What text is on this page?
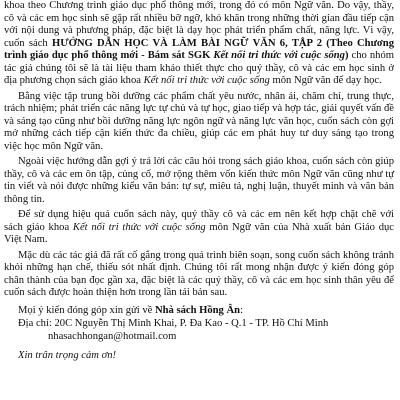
khoa theo Chương trình giáo dục phổ thông mới, trong đó có môn Ngữ văn. Do vậy, thầy, cô và các em học sinh sẽ gặp rất nhiều bỡ ngỡ, khó khăn trong những thời gian đầu tiếp cận với nội dung và phương pháp, đặc biệt là dạy học phát triển phẩm chất, năng lực. Vì vậy, cuốn sách HƯỚNG DẪN HỌC VÀ LÀM BÀI NGỮ VĂN 6, TẬP 2 (Theo Chương trình giáo dục phổ thông mới - Bám sát SGK Kết nối tri thức với cuộc sống) cho nhóm tác giả chúng tôi sẽ là tài liệu tham khảo thiết thực cho quý thầy, cô và các em học sinh ở địa phương chọn sách giáo khoa Kết nối tri thức với cuộc sống môn Ngữ văn để dạy học.

Bằng việc tập trung bồi dưỡng các phẩm chất yêu nước, nhân ái, chăm chỉ, trung thực, trách nhiệm; phát triển các năng lực tự chủ và tự học, giao tiếp và hợp tác, giải quyết vấn đề và sáng tạo cũng như bồi dưỡng năng lực ngôn ngữ và năng lực văn học, cuốn sách còn gợi mở những cách tiếp cận kiến thức đa chiều, giúp các em phát huy tư duy sáng tạo trong việc học môn Ngữ văn.

Ngoài việc hướng dẫn gợi ý trả lời các câu hỏi trong sách giáo khoa, cuốn sách còn giúp thầy, cô và các em ôn tập, củng cố, mở rộng thêm vốn kiến thức môn Ngữ văn cũng như tự tin viết và nói được những kiểu văn bản: tự sự, miêu tả, nghị luận, thuyết minh và văn bản thông tin.

Để sử dụng hiệu quả cuốn sách này, quý thầy cô và các em nên kết hợp chặt chẽ với sách giáo khoa Kết nối tri thức với cuộc sống môn Ngữ văn của Nhà xuất bản Giáo dục Việt Nam.

Mặc dù các tác giả đã rất cố gắng trong quá trình biên soạn, song cuốn sách không tránh khỏi những hạn chế, thiếu sót nhất định. Chúng tôi rất mong nhận được ý kiến đóng góp chân thành của bạn đọc gần xa, đặc biệt là các quý thầy, cô và các em học sinh thân yêu để cuốn sách được hoàn thiện hơn trong lần tái bản sau.

Mọi ý kiến đóng góp xin gửi về Nhà sách Hồng Ân:
Địa chỉ: 20C Nguyễn Thị Minh Khai, P. Đa Kao - Q.1 - TP. Hồ Chí Minh
nhasachhongan@hotmail.com
Xin trân trọng cảm ơn!
